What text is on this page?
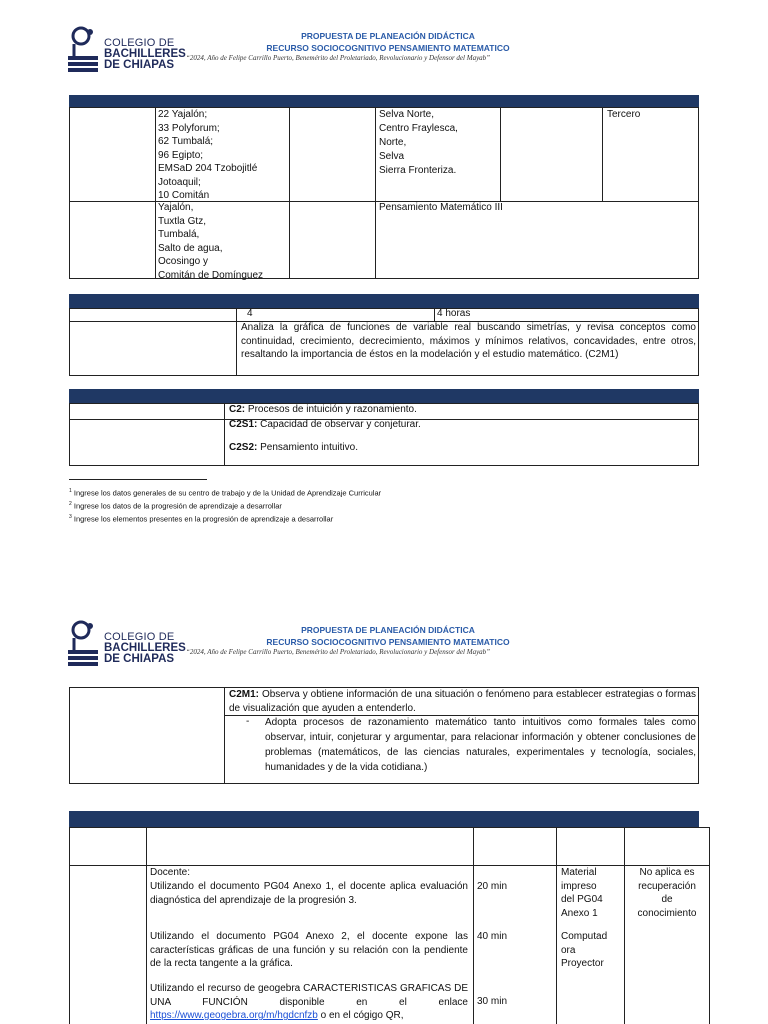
COLEGIO DE
BACHILLERES
DE CHIAPAS
PROPUESTA DE PLANEACIÓN DIDÁCTICA
RECURSO SOCIOCOGNITIVO PENSAMIENTO MATEMATICO
“2024, Año de Felipe Carrillo Puerto, Benemérito del Proletariado, Revolucionario y Defensor del Mayab”
22 Yajalón;
33 Polyforum;
62 Tumbalá;
96 Egipto;
EMSaD 204 Tzobojitlé
Jotoaquil;
10 Comitán
Selva Norte,
Centro Fraylesca,
Norte,
Selva
Sierra Fronteriza.
Tercero
Yajalón,
Tuxtla Gtz,
Tumbalá,
Salto de agua,
Ocosingo y
Comitán de Domínguez
Pensamiento Matemático III
4	4 horas
Analiza la gráfica de funciones de variable real buscando simetrías, y revisa conceptos como continuidad, crecimiento, decrecimiento, máximos y mínimos relativos, concavidades, entre otros, resaltando la importancia de éstos en la modelación y el estudio matemático. (C2M1)
C2: Procesos de intuición y razonamiento.
C2S1: Capacidad de observar y conjeturar.
C2S2: Pensamiento intuitivo.
$^1$ Ingrese los datos generales de su centro de trabajo y de la Unidad de Aprendizaje Curricular
$^2$ Ingrese los datos de la progresión de aprendizaje a desarrollar
$^3$ Ingrese los elementos presentes en la progresión de aprendizaje a desarrollar
COLEGIO DE
BACHILLERES
DE CHIAPAS
PROPUESTA DE PLANEACIÓN DIDÁCTICA
RECURSO SOCIOCOGNITIVO PENSAMIENTO MATEMATICO
“2024, Año de Felipe Carrillo Puerto, Benemérito del Proletariado, Revolucionario y Defensor del Mayab”
C2M1: Observa y obtiene información de una situación o fenómeno para establecer estrategias o formas de visualización que ayuden a entenderlo.
- Adopta procesos de razonamiento matemático tanto intuitivos como formales tales como observar, intuir, conjeturar y argumentar, para relacionar información y obtener conclusiones de problemas (matemáticos, de las ciencias naturales, experimentales y tecnología, sociales, humanidades y de la vida cotidiana.)
Docente:
Utilizando el documento PG04 Anexo 1, el docente aplica evaluación diagnóstica del aprendizaje de la progresión 3.
20 min
Material
impreso
del PG04
Anexo 1
No aplica es
recuperación
de
conocimiento
Utilizando el documento PG04 Anexo 2, el docente expone las características gráficas de una función y su relación con la pendiente de la recta tangente a la gráfica.
40 min	Computad
ora
Proyector
Utilizando el recurso de geogebra CARACTERISTICAS GRAFICAS DE UNA FUNCIÓN disponible en el enlace https://www.geogebra.org/m/hgdcnfzb o en el cógigo QR,
30 min
